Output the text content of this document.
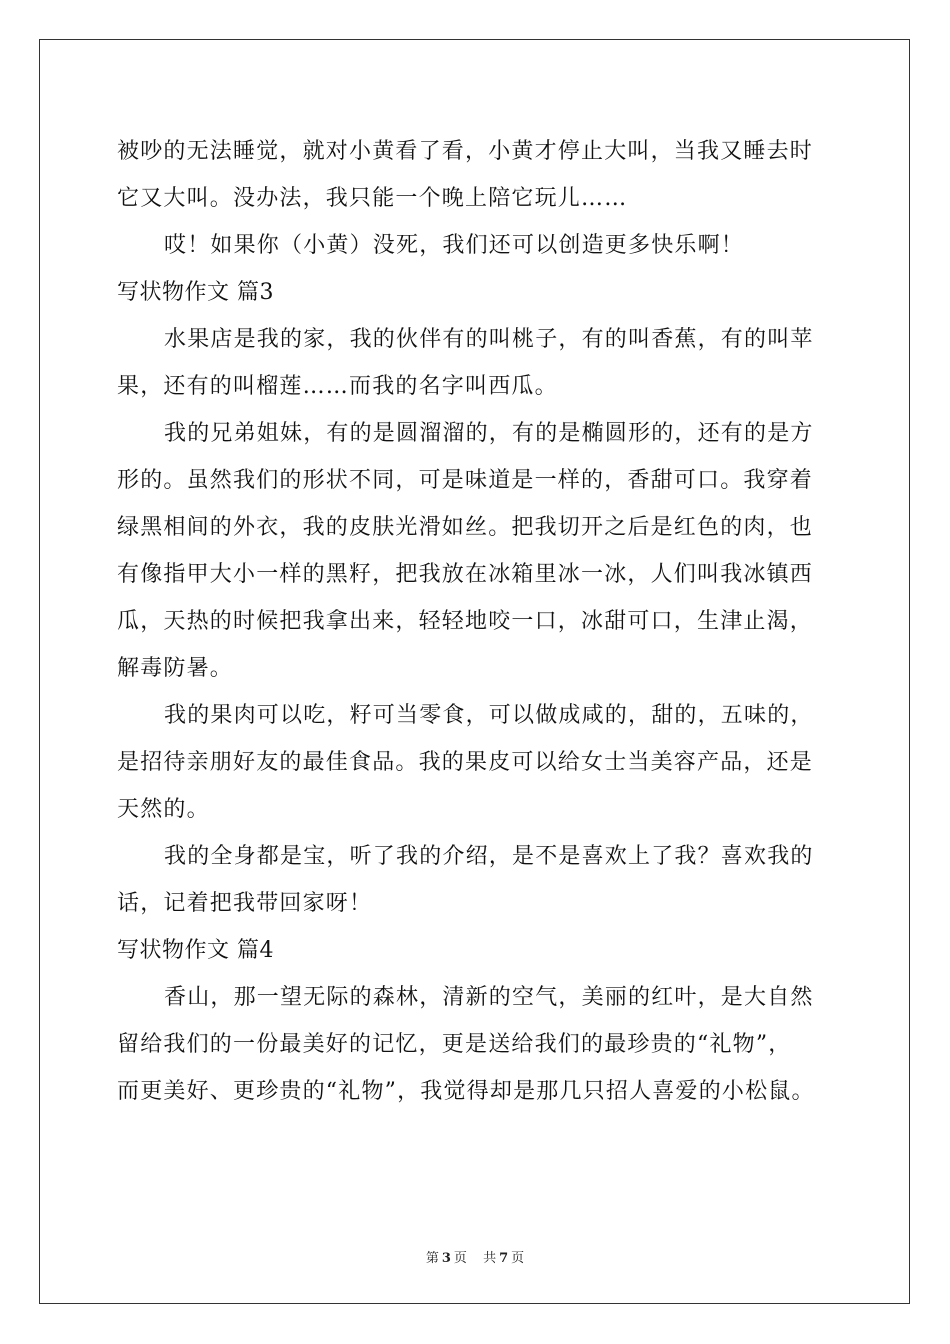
被吵的无法睡觉，就对小黄看了看，小黄才停止大叫，当我又睡去时
它又大叫。没办法，我只能一个晚上陪它玩儿……
哎！如果你（小黄）没死，我们还可以创造更多快乐啊！
写状物作文 篇3
水果店是我的家，我的伙伴有的叫桃子，有的叫香蕉，有的叫苹
果，还有的叫榴莲……而我的名字叫西瓜。
我的兄弟姐妹，有的是圆溜溜的，有的是椭圆形的，还有的是方
形的。虽然我们的形状不同，可是味道是一样的，香甜可口。我穿着
绿黑相间的外衣，我的皮肤光滑如丝。把我切开之后是红色的肉，也
有像指甲大小一样的黑籽，把我放在冰箱里冰一冰，人们叫我冰镇西
瓜，天热的时候把我拿出来，轻轻地咬一口，冰甜可口，生津止渴，
解毒防暑。
我的果肉可以吃，籽可当零食，可以做成咸的，甜的，五味的，
是招待亲朋好友的最佳食品。我的果皮可以给女士当美容产品，还是
天然的。
我的全身都是宝，听了我的介绍，是不是喜欢上了我？喜欢我的
话，记着把我带回家呀！
写状物作文 篇4
香山，那一望无际的森林，清新的空气，美丽的红叶，是大自然
留给我们的一份最美好的记忆，更是送给我们的最珍贵的“礼物”，
而更美好、更珍贵的“礼物”，我觉得却是那几只招人喜爱的小松鼠。
第 3 页 共 7 页
